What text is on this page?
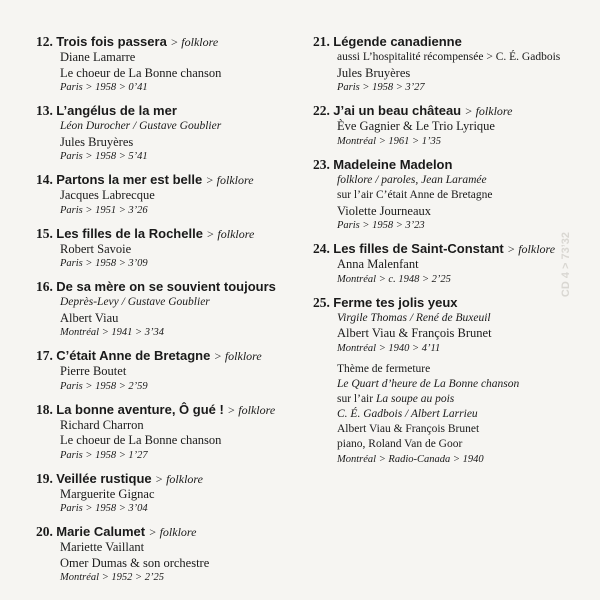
CD 4 > 73’32
12. Trois fois passera > folklore
Diane Lamarre
Le choeur de La Bonne chanson
Paris > 1958 > 0’41
13. L’angélus de la mer
Léon Durocher / Gustave Goublier
Jules Bruyères
Paris > 1958 > 5’41
14. Partons la mer est belle > folklore
Jacques Labrecque
Paris > 1951 > 3’26
15. Les filles de la Rochelle > folklore
Robert Savoie
Paris > 1958 > 3’09
16. De sa mère on se souvient toujours
Deprès-Levy / Gustave Goublier
Albert Viau
Montréal > 1941 > 3’34
17. C’était Anne de Bretagne > folklore
Pierre Boutet
Paris > 1958 > 2’59
18. La bonne aventure, Ô gué ! > folklore
Richard Charron
Le choeur de La Bonne chanson
Paris > 1958 > 1’27
19. Veillée rustique > folklore
Marguerite Gignac
Paris > 1958 > 3’04
20. Marie Calumet > folklore
Mariette Vaillant
Omer Dumas & son orchestre
Montréal > 1952 > 2’25
21. Légende canadienne
aussi L’hospitalité récompensée > C. É. Gadbois
Jules Bruyères
Paris > 1958 > 3’27
22. J’ai un beau château > folklore
Ève Gagnier & Le Trio Lyrique
Montréal > 1961 > 1’35
23. Madeleine Madelon
folklore / paroles, Jean Laramée
sur l’air C’était Anne de Bretagne
Violette Journeaux
Paris > 1958 > 3’23
24. Les filles de Saint-Constant > folklore
Anna Malenfant
Montréal > c. 1948 > 2’25
25. Ferme tes jolis yeux
Virgile Thomas / René de Buxeuil
Albert Viau & François Brunet
Montréal > 1940 > 4’11
Thème de fermeture
Le Quart d’heure de La Bonne chanson
sur l’air La soupe au pois
C. É. Gadbois / Albert Larrieu
Albert Viau & François Brunet
piano, Roland Van de Goor
Montréal > Radio-Canada > 1940
